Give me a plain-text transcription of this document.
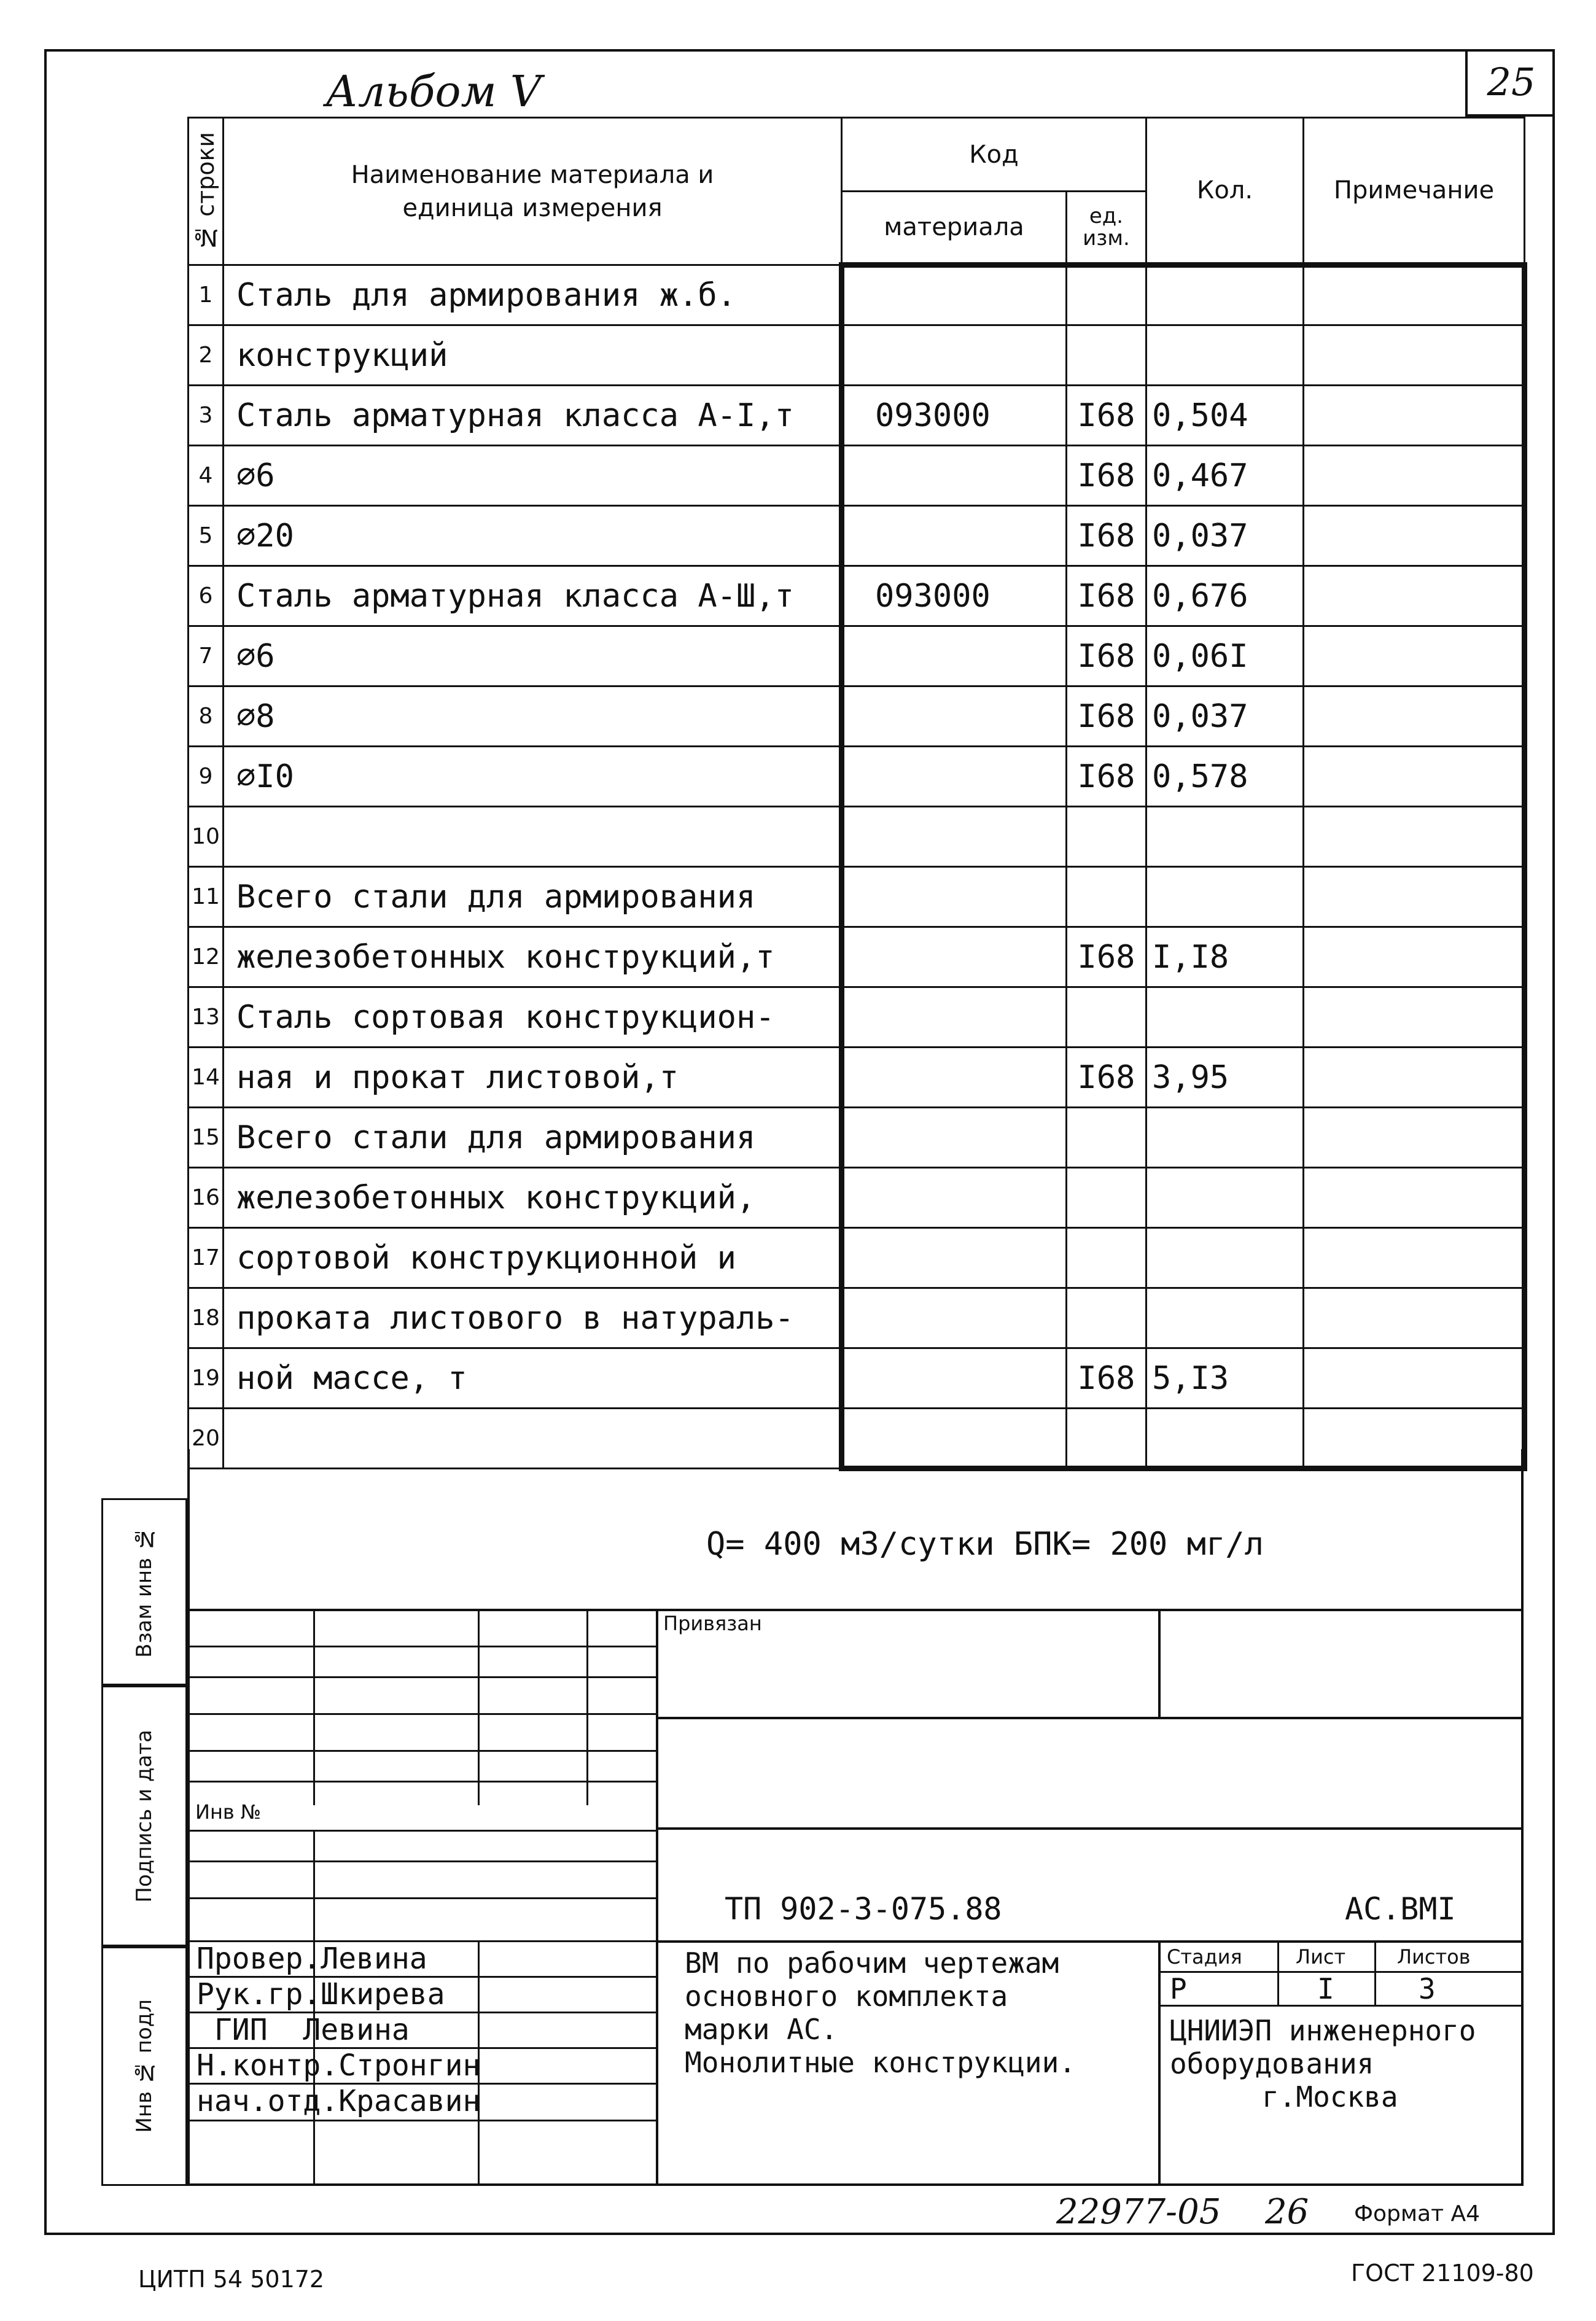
Альбом V	25
№ строки	Наименование материала и единица измерения	Код		Кол.	Примечание
		материала	ед. изм.		
1	Сталь для армирования ж.б.				
2	конструкций				
3	Сталь арматурная класса А-I,т	093000	I68	0,504	
4	∅6		I68	0,467	
5	∅20		I68	0,037	
6	Сталь арматурная класса А-Ш,т	093000	I68	0,676	
7	∅6		I68	0,06I	
8	∅8		I68	0,037	
9	∅I0		I68	0,578	
10					
11	Всего стали для армирования				
12	железобетонных конструкций,т		I68	I,I8	
13	Сталь сортовая конструкцион-				
14	ная и прокат листовой,т		I68	3,95	
15	Всего стали для армирования				
16	железобетонных конструкций,				
17	сортовой конструкционной и				
18	проката листового в натураль-				
19	ной массе, т		I68	5,I3	
20					
Q= 400 м3/сутки БПК= 200 мг/л
Инв №
Провер.Левина
Рук.гр.Шкирева
ГИП  Левина
Н.контр.Стронгин
нач.отд.Красавин
Взам инв №
Подпись и дата
Инв № подл
Привязан
ТП 902-3-075.88	АС.ВМI
ВМ по рабочим чертежам
основного комплекта
марки АС.
Монолитные конструкции.
Стадия	Лист	Листов
Р	I	3
ЦНИИЭП инженерного
оборудования
г.Москва
22977-05 26 Формат А4
ЦИТП 54 50172	ГОСТ 21109-80
